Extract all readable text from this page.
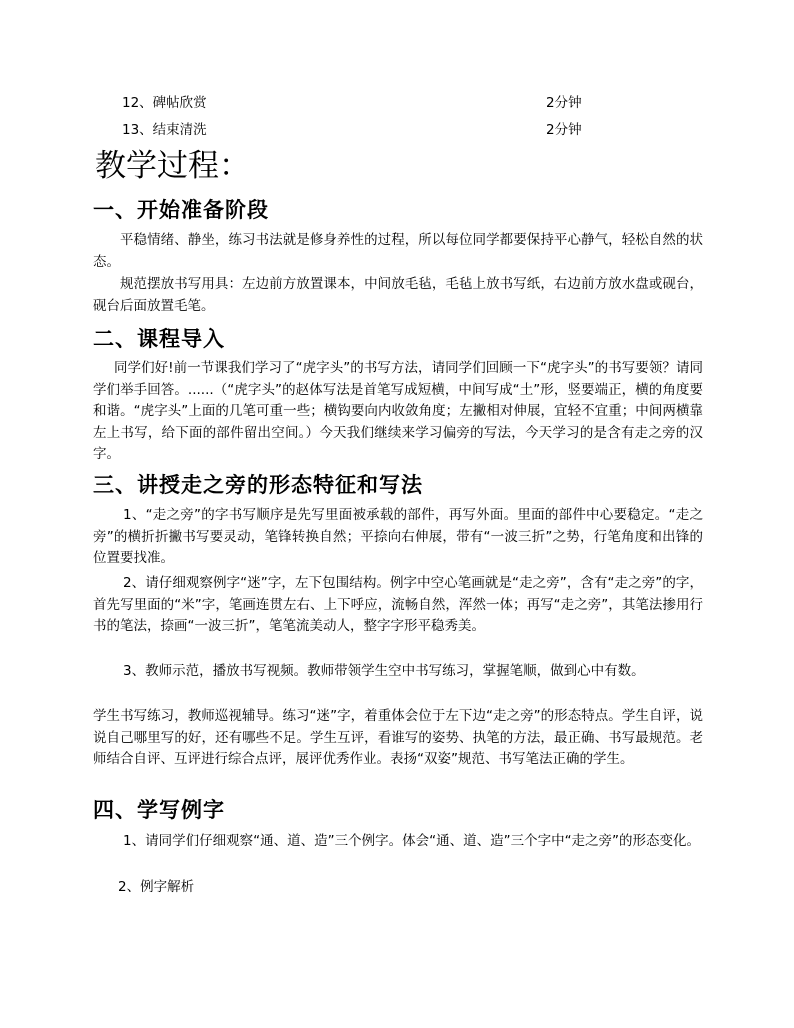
12、碑帖欣赏	2分钟
13、结束清洗	2分钟
教学过程：
一、开始准备阶段

平稳情绪、静坐，练习书法就是修身养性的过程，所以每位同学都要保持平心静气，轻松自然的状态。

规范摆放书写用具：左边前方放置课本，中间放毛毡，毛毡上放书写纸，右边前方放水盘或砚台，砚台后面放置毛笔。

二、课程导入

同学们好!前一节课我们学习了“虎字头”的书写方法，请同学们回顾一下“虎字头”的书写要领？请同学们举手回答。......（“虎字头”的赵体写法是首笔写成短横，中间写成“土”形，竖要端正，横的角度要和谐。“虎字头”上面的几笔可重一些；横钩要向内收敛角度；左撇相对伸展，宜轻不宜重；中间两横靠左上书写，给下面的部件留出空间。）今天我们继续来学习偏旁的写法，今天学习的是含有走之旁的汉字。

三、讲授走之旁的形态特征和写法

1、“走之旁”的字书写顺序是先写里面被承载的部件，再写外面。里面的部件中心要稳定。“走之旁”的横折折撇书写要灵动，笔锋转换自然；平捺向右伸展，带有“一波三折”之势，行笔角度和出锋的位置要找准。

2、请仔细观察例字“迷”字，左下包围结构。例字中空心笔画就是“走之旁”，含有“走之旁”的字，首先写里面的“米”字，笔画连贯左右、上下呼应，流畅自然，浑然一体；再写“走之旁”，其笔法掺用行书的笔法，捺画“一波三折”，笔笔流美动人，整字字形平稳秀美。

3、教师示范，播放书写视频。教师带领学生空中书写练习，掌握笔顺，做到心中有数。

学生书写练习，教师巡视辅导。练习“迷”字，着重体会位于左下边“走之旁”的形态特点。学生自评，说说自己哪里写的好，还有哪些不足。学生互评，看谁写的姿势、执笔的方法，最正确、书写最规范。老师结合自评、互评进行综合点评，展评优秀作业。表扬“双姿”规范、书写笔法正确的学生。

四、学写例字

1、请同学们仔细观察“通、道、造”三个例字。体会“通、道、造”三个字中“走之旁”的形态变化。

2、例字解析
